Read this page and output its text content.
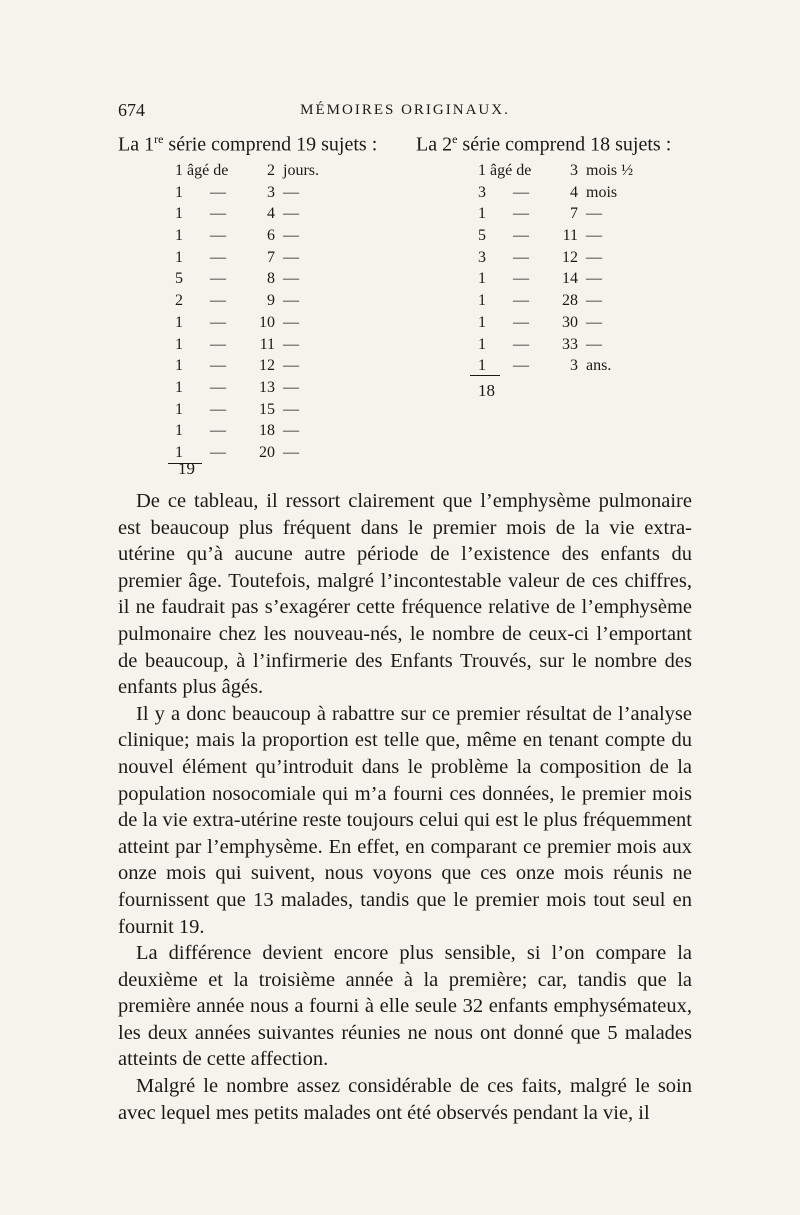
674	MÉMOIRES ORIGINAUX.
La 1re série comprend 19 sujets : La 2e série comprend 18 sujets :
1 âgé de	2 jours.
1	—	3 —
1	—	4 —
1	—	6 —
1	—	7 —
5	—	8 —
2	—	9 —
1	—	10 —
1	—	11 —
1	—	12 —
1	—	13 —
1	—	15 —
1	—	18 —
1	—	20 —
19
1 âgé de	3 mois ½
3	—	4 mois
1	—	7 —
5	—	11 —
3	—	12 —
1	—	14 —
1	—	28 —
1	—	30 —
1	—	33 —
1	—	3 ans.
18

De ce tableau, il ressort clairement que l’emphysème pulmonaire est beaucoup plus fréquent dans le premier mois de la vie extra-utérine qu’à aucune autre période de l’existence des enfants du premier âge. Toutefois, malgré l’incontestable valeur de ces chiffres, il ne faudrait pas s’exagérer cette fréquence relative de l’emphysème pulmonaire chez les nouveau-nés, le nombre de ceux-ci l’emportant de beaucoup, à l’infirmerie des Enfants Trouvés, sur le nombre des enfants plus âgés.

Il y a donc beaucoup à rabattre sur ce premier résultat de l’analyse clinique; mais la proportion est telle que, même en tenant compte du nouvel élément qu’introduit dans le problème la composition de la population nosocomiale qui m’a fourni ces données, le premier mois de la vie extra-utérine reste toujours celui qui est le plus fréquemment atteint par l’emphysème. En effet, en comparant ce premier mois aux onze mois qui suivent, nous voyons que ces onze mois réunis ne fournissent que 13 malades, tandis que le premier mois tout seul en fournit 19.

La différence devient encore plus sensible, si l’on compare la deuxième et la troisième année à la première; car, tandis que la première année nous a fourni à elle seule 32 enfants emphysémateux, les deux années suivantes réunies ne nous ont donné que 5 malades atteints de cette affection.

Malgré le nombre assez considérable de ces faits, malgré le soin avec lequel mes petits malades ont été observés pendant la vie, il
